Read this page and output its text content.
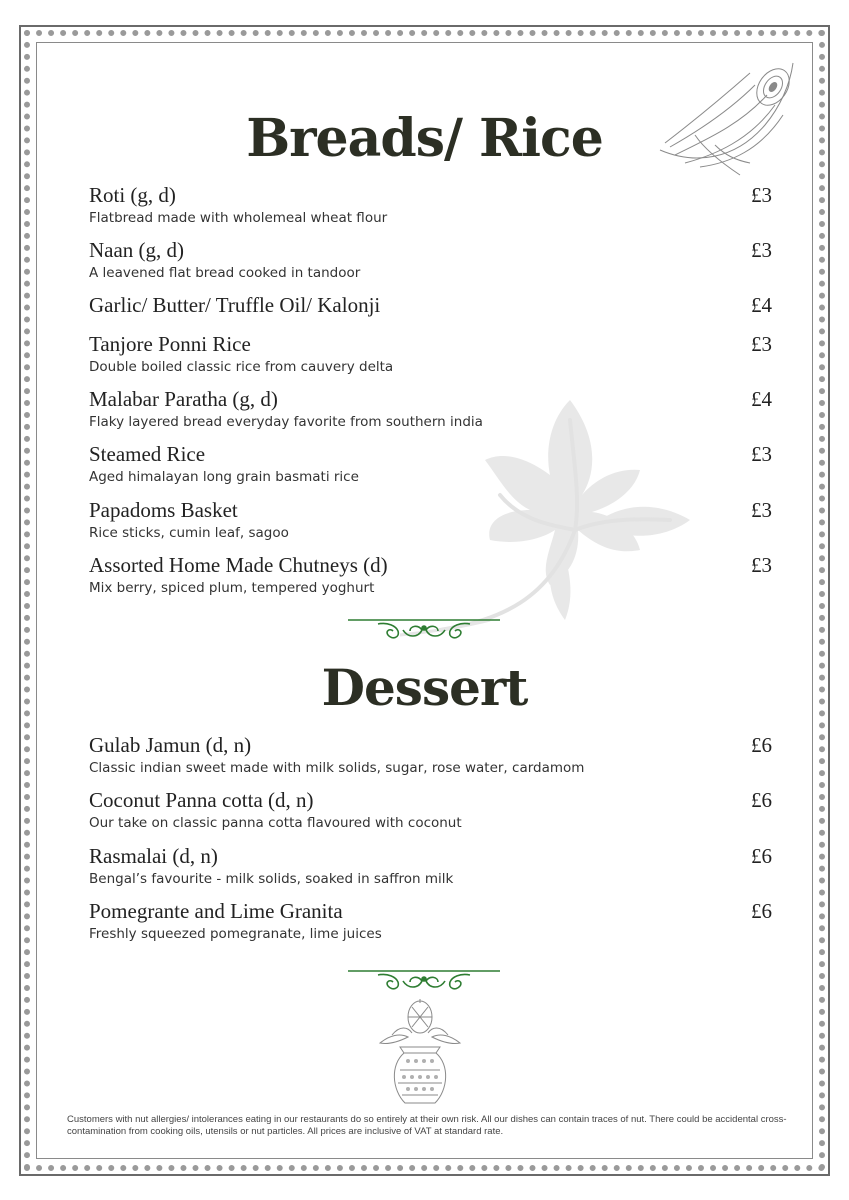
Breads/ Rice
Roti (g, d)	£3
Flatbread made with wholemeal wheat flour
Naan (g, d)	£3
A leavened flat bread cooked in tandoor
Garlic/ Butter/ Truffle Oil/ Kalonji	£4
Tanjore Ponni Rice	£3
Double boiled classic rice from cauvery delta
Malabar Paratha (g, d)	£4
Flaky layered bread everyday favorite from southern india
Steamed Rice	£3
Aged himalayan long grain basmati rice
Papadoms Basket	£3
Rice sticks, cumin leaf, sagoo
Assorted Home Made Chutneys (d)	£3
Mix berry, spiced plum, tempered yoghurt
Dessert
Gulab Jamun (d, n)	£6
Classic indian sweet made with milk solids, sugar, rose water, cardamom
Coconut Panna cotta (d, n)	£6
Our take on classic panna cotta flavoured with coconut
Rasmalai (d, n)	£6
Bengal’s favourite - milk solids, soaked in saffron milk
Pomegrante and Lime Granita	£6
Freshly squeezed pomegranate, lime juices

Customers with nut allergies/ intolerances eating in our restaurants do so entirely at their own risk. All our dishes can contain traces of nut. There could be accidental cross-contamination from cooking oils, utensils or nut particles. All prices are inclusive of VAT at standard rate.
